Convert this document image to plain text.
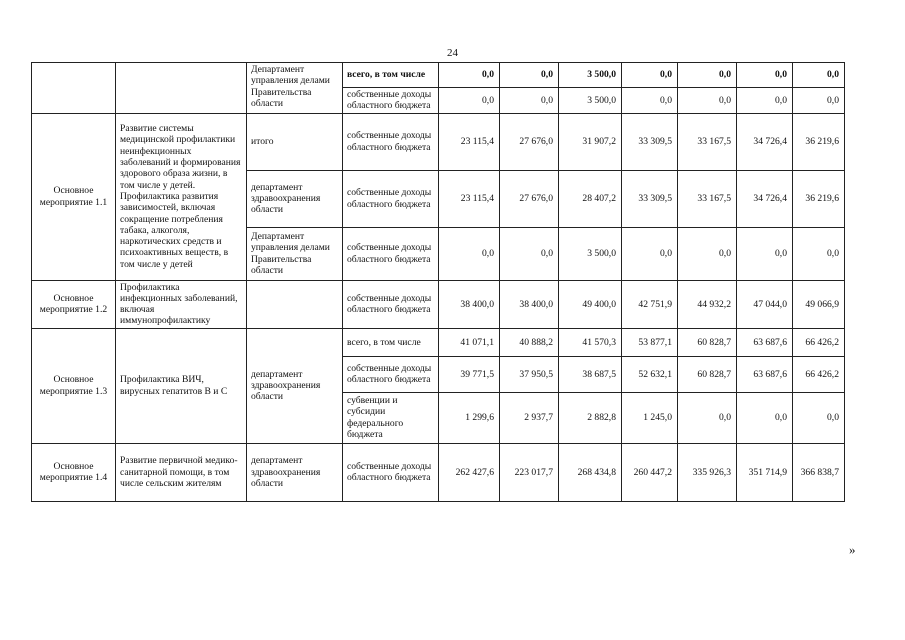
24
		Департамент управления делами Правительства области	всего, в том числе	0,0	0,0	3 500,0	0,0	0,0	0,0	0,0
			собственные доходы областного бюджета	0,0	0,0	3 500,0	0,0	0,0	0,0	0,0
Основное мероприятие 1.1	Развитие системы медицинской профилактики неинфекционных заболеваний и формирования здорового образа жизни, в том числе у детей. Профилактика развития зависимостей, включая сокращение потребления табака, алкоголя, наркотических средств и психоактивных веществ, в том числе у детей	итого	собственные доходы областного бюджета	23 115,4	27 676,0	31 907,2	33 309,5	33 167,5	34 726,4	36 219,6
		департамент здравоохранения области	собственные доходы областного бюджета	23 115,4	27 676,0	28 407,2	33 309,5	33 167,5	34 726,4	36 219,6
		Департамент управления делами Правительства области	собственные доходы областного бюджета	0,0	0,0	3 500,0	0,0	0,0	0,0	0,0
Основное мероприятие 1.2	Профилактика инфекционных заболеваний, включая иммунопрофилактику		собственные доходы областного бюджета	38 400,0	38 400,0	49 400,0	42 751,9	44 932,2	47 044,0	49 066,9
Основное мероприятие 1.3	Профилактика ВИЧ, вирусных гепатитов В и С	департамент здравоохранения области	всего, в том числе	41 071,1	40 888,2	41 570,3	53 877,1	60 828,7	63 687,6	66 426,2
			собственные доходы областного бюджета	39 771,5	37 950,5	38 687,5	52 632,1	60 828,7	63 687,6	66 426,2
			субвенции и субсидии федерального бюджета	1 299,6	2 937,7	2 882,8	1 245,0	0,0	0,0	0,0
Основное мероприятие 1.4	Развитие первичной медико-санитарной помощи, в том числе сельским жителям	департамент здравоохранения области	собственные доходы областного бюджета	262 427,6	223 017,7	268 434,8	260 447,2	335 926,3	351 714,9	366 838,7
»
